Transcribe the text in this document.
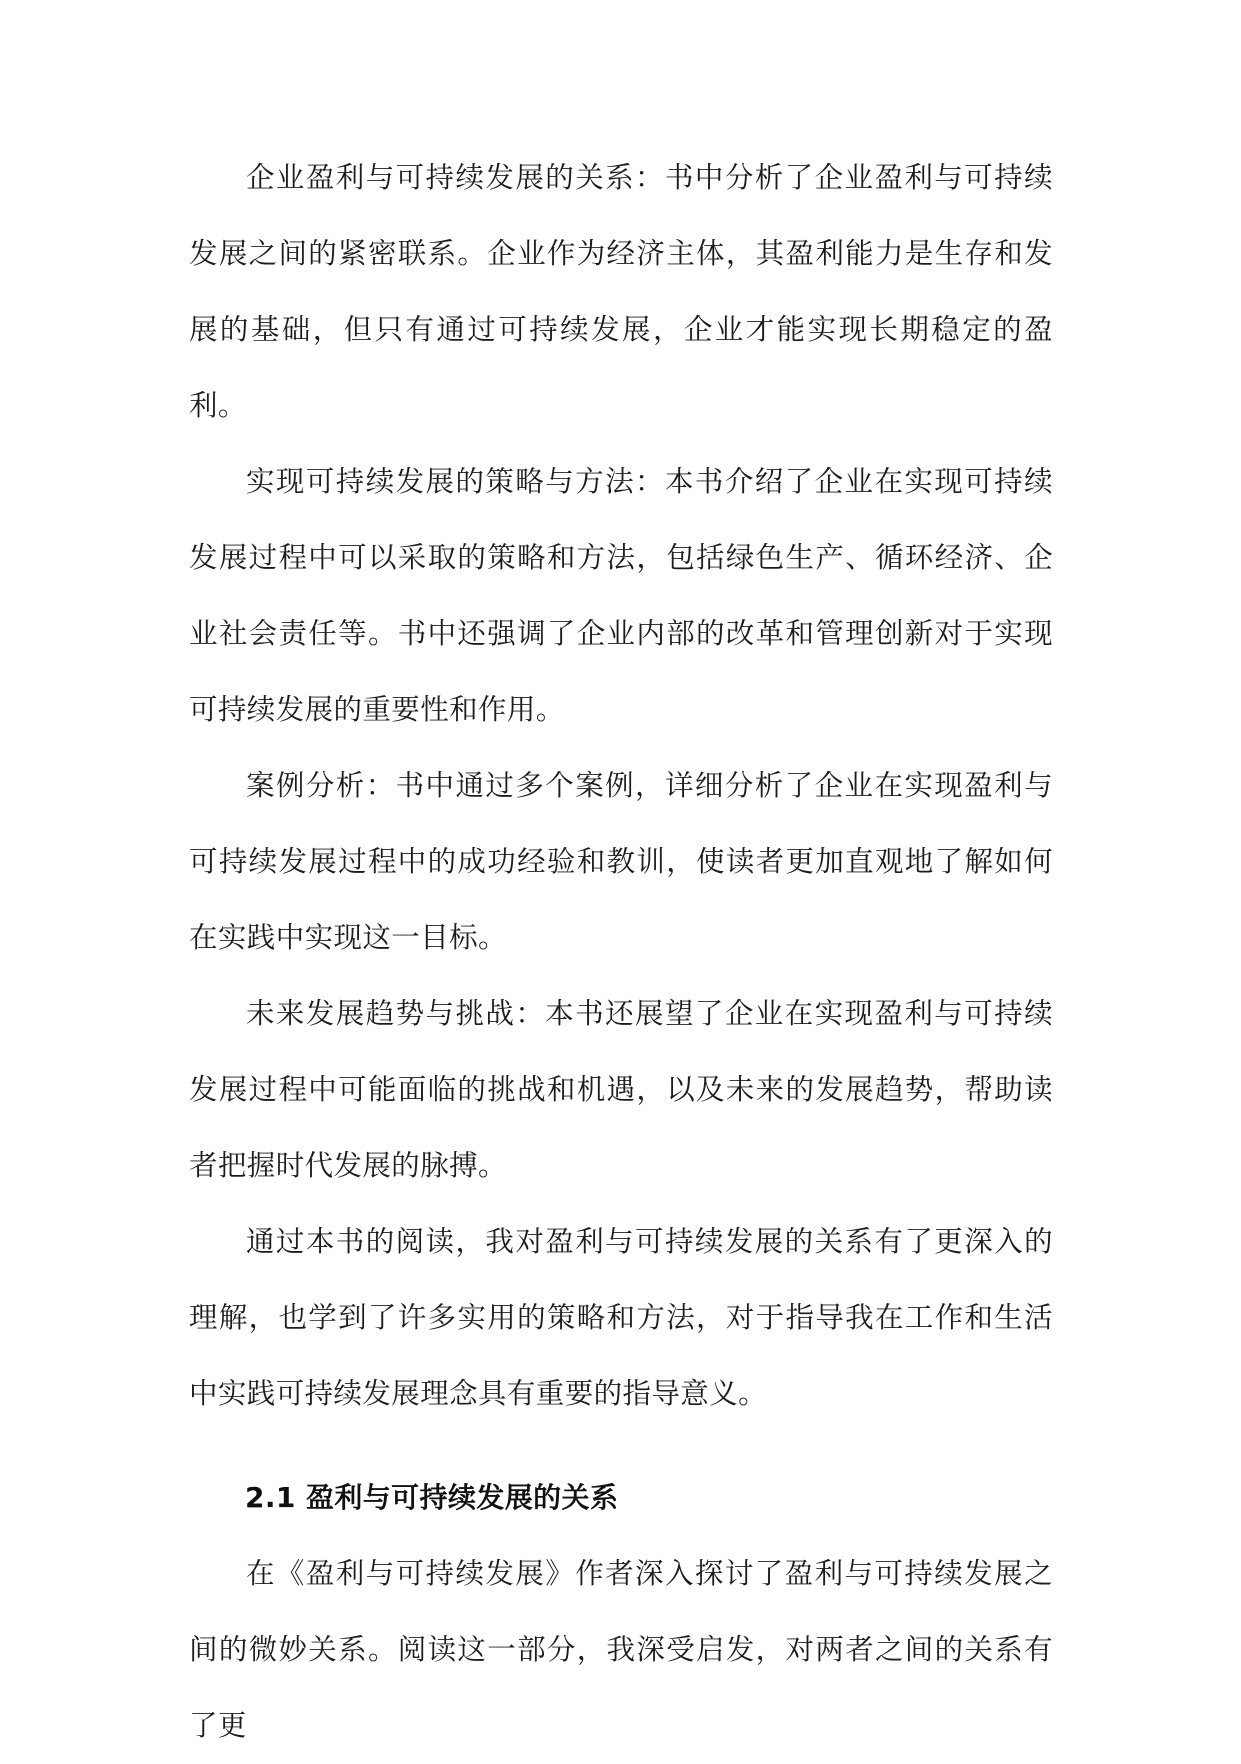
企业盈利与可持续发展的关系：书中分析了企业盈利与可持续发展之间的紧密联系。企业作为经济主体，其盈利能力是生存和发展的基础，但只有通过可持续发展，企业才能实现长期稳定的盈利。

实现可持续发展的策略与方法：本书介绍了企业在实现可持续发展过程中可以采取的策略和方法，包括绿色生产、循环经济、企业社会责任等。书中还强调了企业内部的改革和管理创新对于实现可持续发展的重要性和作用。

案例分析：书中通过多个案例，详细分析了企业在实现盈利与可持续发展过程中的成功经验和教训，使读者更加直观地了解如何在实践中实现这一目标。

未来发展趋势与挑战：本书还展望了企业在实现盈利与可持续发展过程中可能面临的挑战和机遇，以及未来的发展趋势，帮助读者把握时代发展的脉搏。

通过本书的阅读，我对盈利与可持续发展的关系有了更深入的理解，也学到了许多实用的策略和方法，对于指导我在工作和生活中实践可持续发展理念具有重要的指导意义。

2.1 盈利与可持续发展的关系

在《盈利与可持续发展》作者深入探讨了盈利与可持续发展之间的微妙关系。阅读这一部分，我深受启发，对两者之间的关系有了更
